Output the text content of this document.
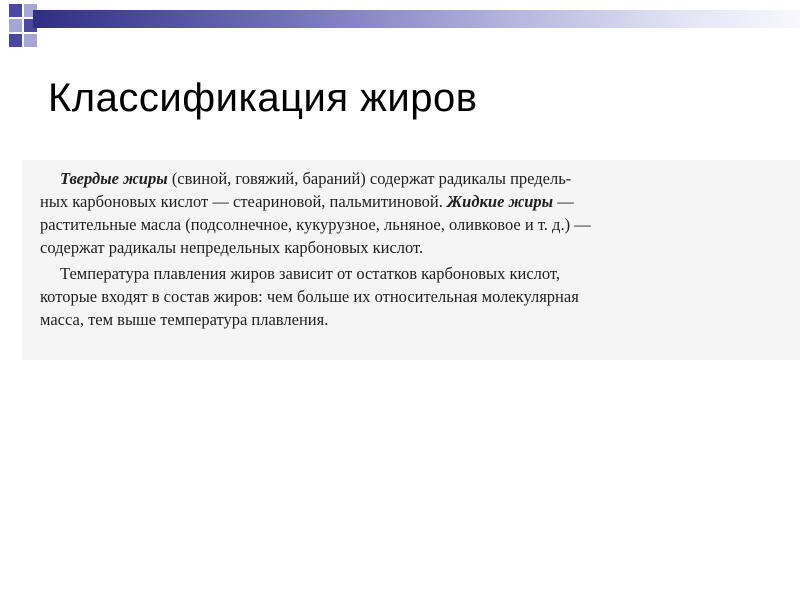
Классификация жиров
Твердые жиры (свиной, говяжий, бараний) содержат радикалы предель-
ных карбоновых кислот — стеариновой, пальмитиновой. Жидкие жиры —
растительные масла (подсолнечное, кукурузное, льняное, оливковое и т. д.) —
содержат радикалы непредельных карбоновых кислот.
Температура плавления жиров зависит от остатков карбоновых кислот,
которые входят в состав жиров: чем больше их относительная молекулярная
масса, тем выше температура плавления.
